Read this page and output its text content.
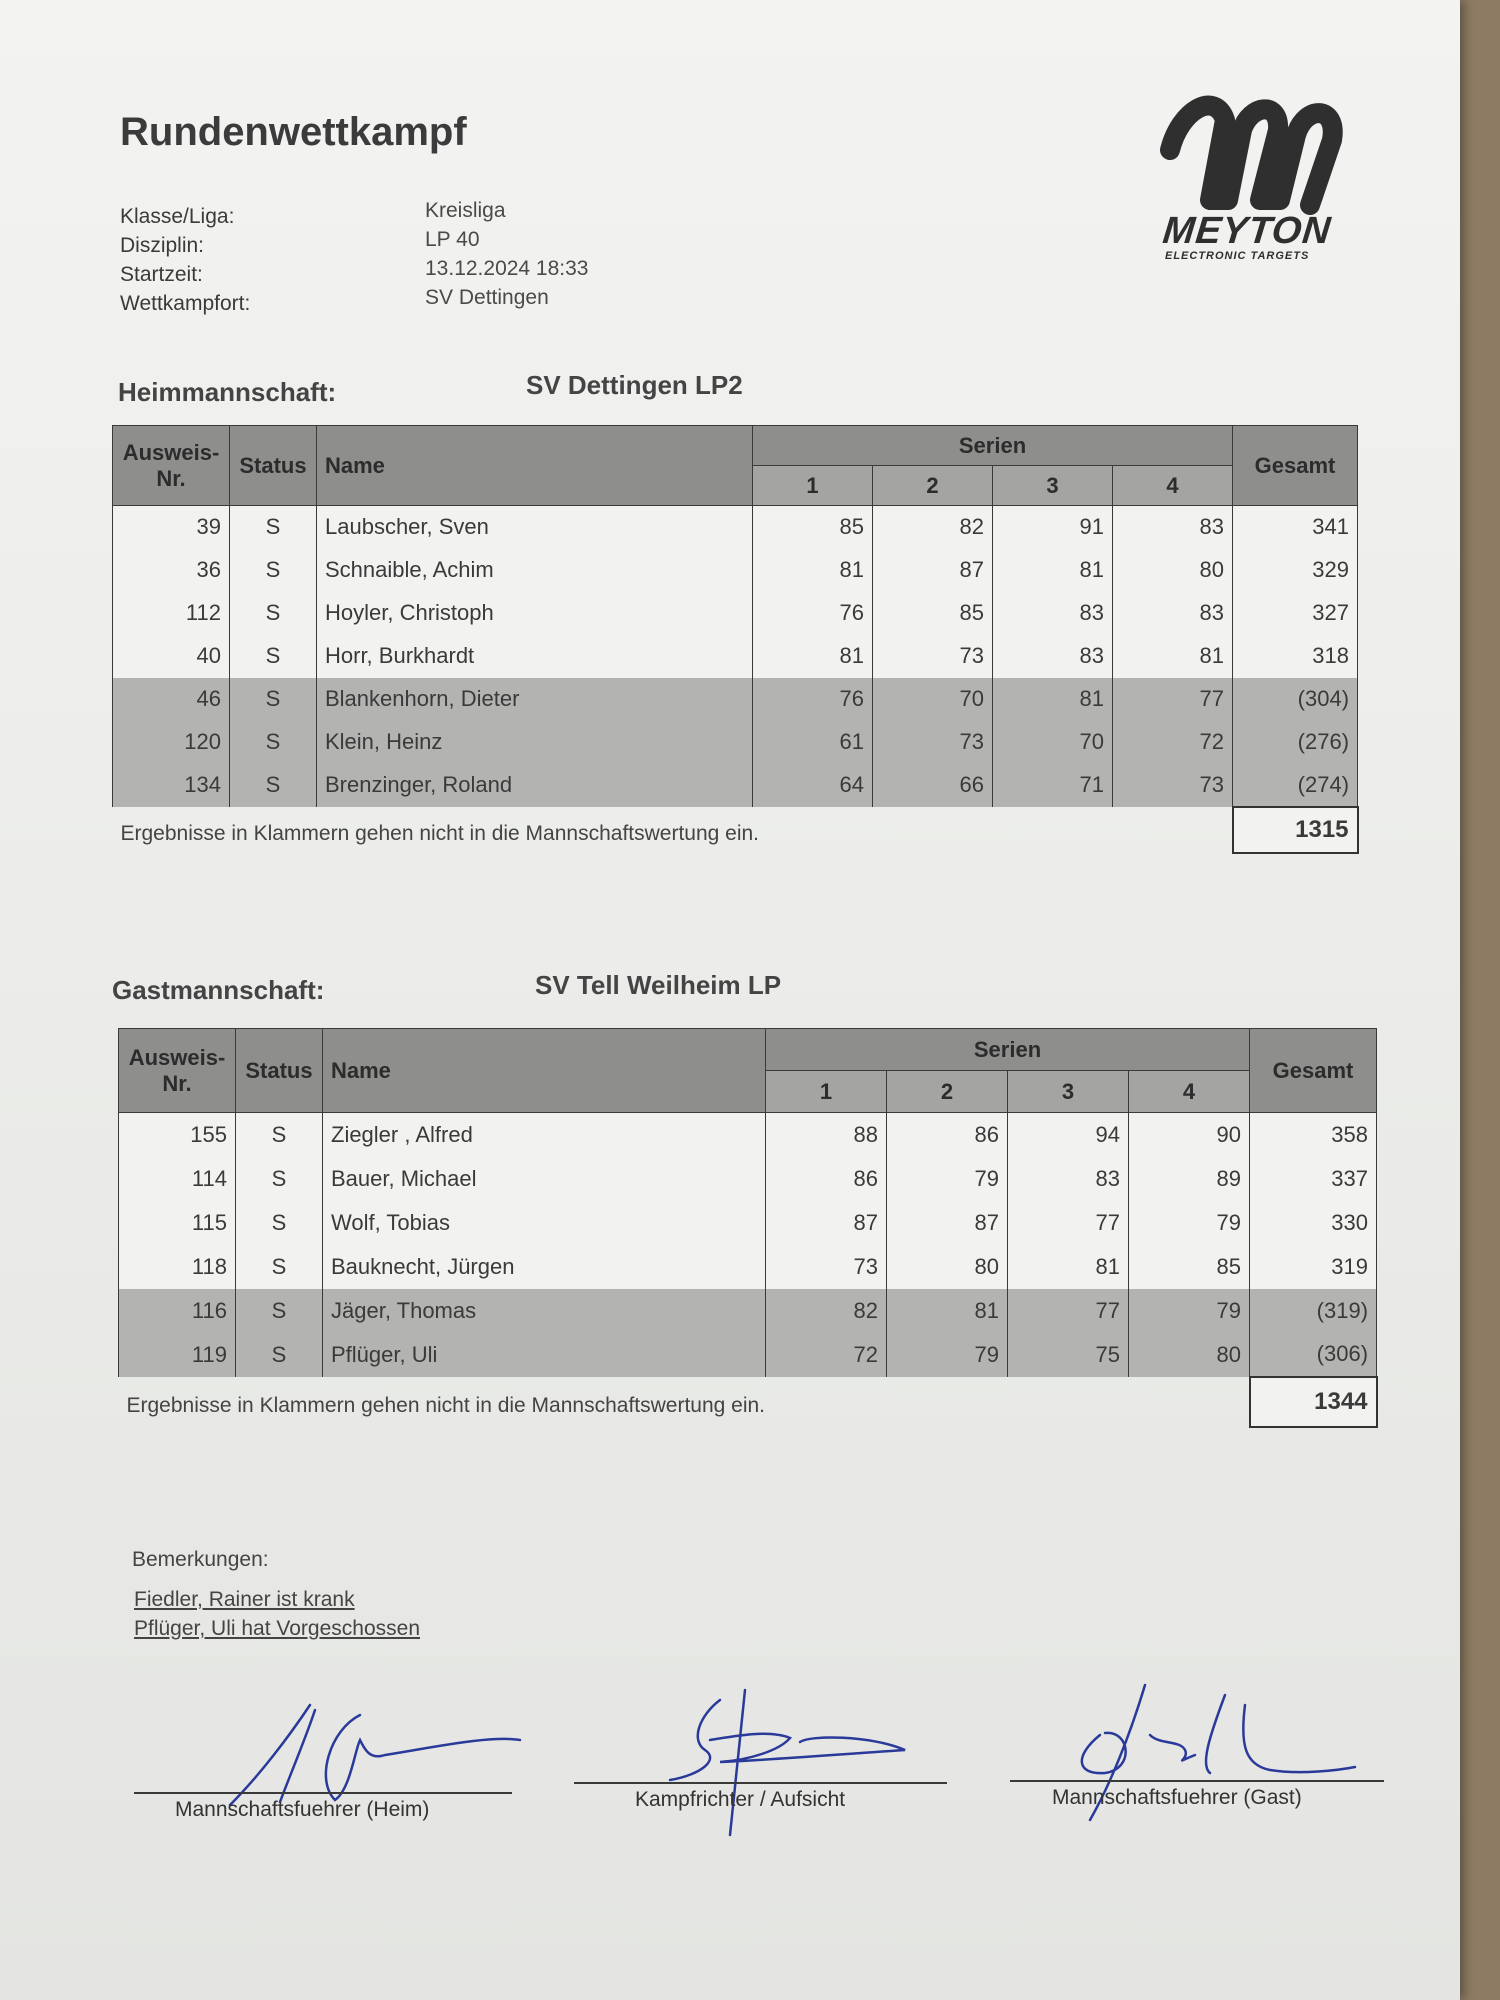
Rundenwettkampf
Klasse/Liga:	Kreisliga
Disziplin:	LP 40
Startzeit:	13.12.2024 18:33
Wettkampfort:	SV Dettingen
MEYTON
ELECTRONIC TARGETS
Heimmannschaft:	SV Dettingen LP2
Ausweis-
Nr.	Status	Name	Serien				Gesamt
			1	2	3	4	
39	S	Laubscher, Sven	85	82	91	83	341
36	S	Schnaible, Achim	81	87	81	80	329
112	S	Hoyler, Christoph	76	85	83	83	327
40	S	Horr, Burkhardt	81	73	83	81	318
46	S	Blankenhorn, Dieter	76	70	81	77	(304)
120	S	Klein, Heinz	61	73	70	72	(276)
134	S	Brenzinger, Roland	64	66	71	73	(274)
Ergebnisse in Klammern gehen nicht in die Mannschaftswertung ein.							1315
Gastmannschaft:	SV Tell Weilheim LP
Ausweis-
Nr.	Status	Name	Serien				Gesamt
			1	2	3	4	
155	S	Ziegler , Alfred	88	86	94	90	358
114	S	Bauer, Michael	86	79	83	89	337
115	S	Wolf, Tobias	87	87	77	79	330
118	S	Bauknecht, Jürgen	73	80	81	85	319
116	S	Jäger, Thomas	82	81	77	79	(319)
119	S	Pflüger, Uli	72	79	75	80	(306)
Ergebnisse in Klammern gehen nicht in die Mannschaftswertung ein.							1344
Bemerkungen:
Fiedler, Rainer ist krank
Pflüger, Uli hat Vorgeschossen
Mannschaftsfuehrer (Heim)	Kampfrichter / Aufsicht	Mannschaftsfuehrer (Gast)
